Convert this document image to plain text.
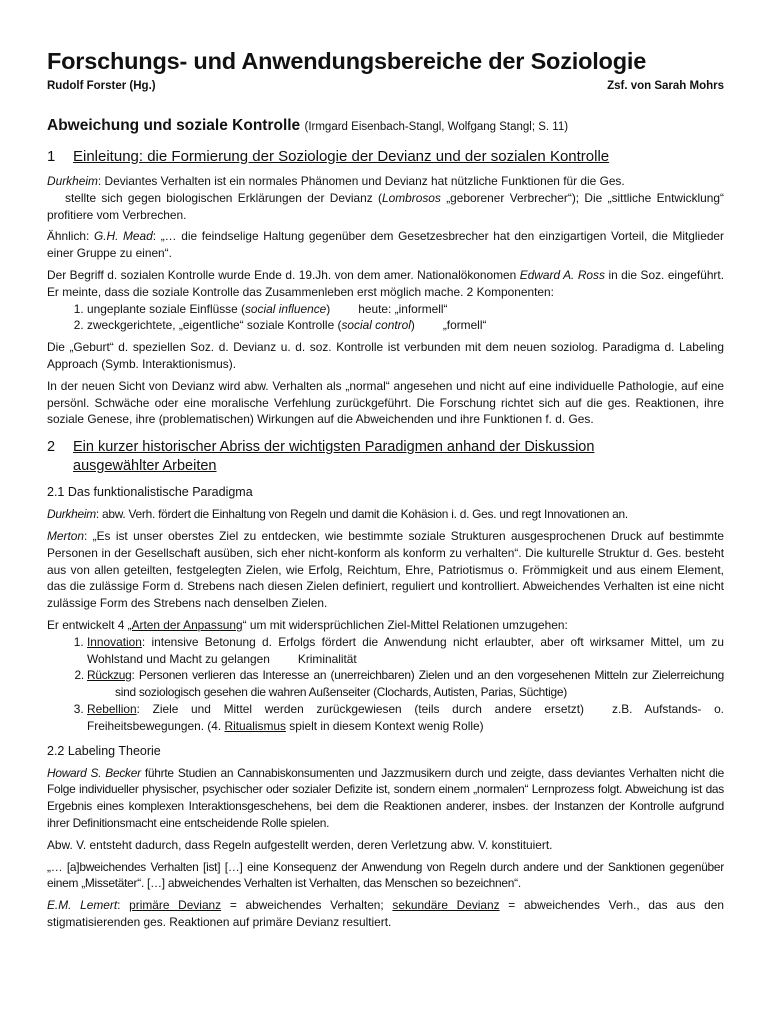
Forschungs- und Anwendungsbereiche der Soziologie
Rudolf Forster (Hg.)	Zsf. von Sarah Mohrs
Abweichung und soziale Kontrolle (Irmgard Eisenbach-Stangl, Wolfgang Stangl; S. 11)
1 Einleitung: die Formierung der Soziologie der Devianz und der sozialen Kontrolle

Durkheim: Deviantes Verhalten ist ein normales Phänomen und Devianz hat nützliche Funktionen für die Ges.
stellte sich gegen biologischen Erklärungen der Devianz (Lombrosos „geborener Verbrecher“); Die „sittliche Entwicklung“ profitiere vom Verbrechen.

Ähnlich: G.H. Mead: „… die feindselige Haltung gegenüber dem Gesetzesbrecher hat den einzigartigen Vorteil, die Mitglieder einer Gruppe zu einen“.

Der Begriff d. sozialen Kontrolle wurde Ende d. 19.Jh. von dem amer. Nationalökonomen Edward A. Ross in die Soz. eingeführt. Er meinte, dass die soziale Kontrolle das Zusammenleben erst möglich mache. 2 Komponenten:

1. ungeplante soziale Einflüsse (social influence) heute: „informell“
2. zweckgerichtete, „eigentliche“ soziale Kontrolle (social control) „formell“

Die „Geburt“ d. speziellen Soz. d. Devianz u. d. soz. Kontrolle ist verbunden mit dem neuen soziolog. Paradigma d. Labeling Approach (Symb. Interaktionismus).

In der neuen Sicht von Devianz wird abw. Verhalten als „normal“ angesehen und nicht auf eine individuelle Pathologie, auf eine persönl. Schwäche oder eine moralische Verfehlung zurückgeführt. Die Forschung richtet sich auf die ges. Reaktionen, ihre soziale Genese, ihre (problematischen) Wirkungen auf die Abweichenden und ihre Funktionen f. d. Ges.

2 Ein kurzer historischer Abriss der wichtigsten Paradigmen anhand der Diskussion
ausgewählter Arbeiten
2.1 Das funktionalistische Paradigma

Durkheim: abw. Verh. fördert die Einhaltung von Regeln und damit die Kohäsion i. d. Ges. und regt Innovationen an.

Merton: „Es ist unser oberstes Ziel zu entdecken, wie bestimmte soziale Strukturen ausgesprochenen Druck auf bestimmte Personen in der Gesellschaft ausüben, sich eher nicht-konform als konform zu verhalten“. Die kulturelle Struktur d. Ges. besteht aus von allen geteilten, festgelegten Zielen, wie Erfolg, Reichtum, Ehre, Patriotismus o. Frömmigkeit und aus einem Element, das die zulässige Form d. Strebens nach diesen Zielen definiert, reguliert und kontrolliert. Abweichendes Verhalten ist eine nicht zulässige Form des Strebens nach denselben Zielen.

Er entwickelt 4 „Arten der Anpassung“ um mit widersprüchlichen Ziel-Mittel Relationen umzugehen:

1. Innovation: intensive Betonung d. Erfolgs fördert die Anwendung nicht erlaubter, aber oft wirksamer Mittel, um zu Wohlstand und Macht zu gelangen Kriminalität
2. Rückzug: Personen verlieren das Interesse an (unerreichbaren) Zielen und an den vorgesehenen Mitteln zur Zielerreichungsind soziologisch gesehen die wahren Außenseiter (Clochards, Autisten, Parias, Süchtige)
3. Rebellion: Ziele und Mittel werden zurückgewiesen (teils durch andere ersetzt) z.B. Aufstands- o. Freiheitsbewegungen. (4. Ritualismus spielt in diesem Kontext wenig Rolle)
2.2 Labeling Theorie

Howard S. Becker führte Studien an Cannabiskonsumenten und Jazzmusikern durch und zeigte, dass deviantes Verhalten nicht die Folge individueller physischer, psychischer oder sozialer Defizite ist, sondern einem „normalen“ Lernprozess folgt. Abweichung ist das Ergebnis eines komplexen Interaktionsgeschehens, bei dem die Reaktionen anderer, insbes. der Instanzen der Kontrolle aufgrund ihrer Definitionsmacht eine entscheidende Rolle spielen.

Abw. V. entsteht dadurch, dass Regeln aufgestellt werden, deren Verletzung abw. V. konstituiert.

„… [a]bweichendes Verhalten [ist] […] eine Konsequenz der Anwendung von Regeln durch andere und der Sanktionen gegenüber einem „Missetäter“. […] abweichendes Verhalten ist Verhalten, das Menschen so bezeichnen“.

E.M. Lemert: primäre Devianz = abweichendes Verhalten; sekundäre Devianz = abweichendes Verh., das aus den stigmatisierenden ges. Reaktionen auf primäre Devianz resultiert.
